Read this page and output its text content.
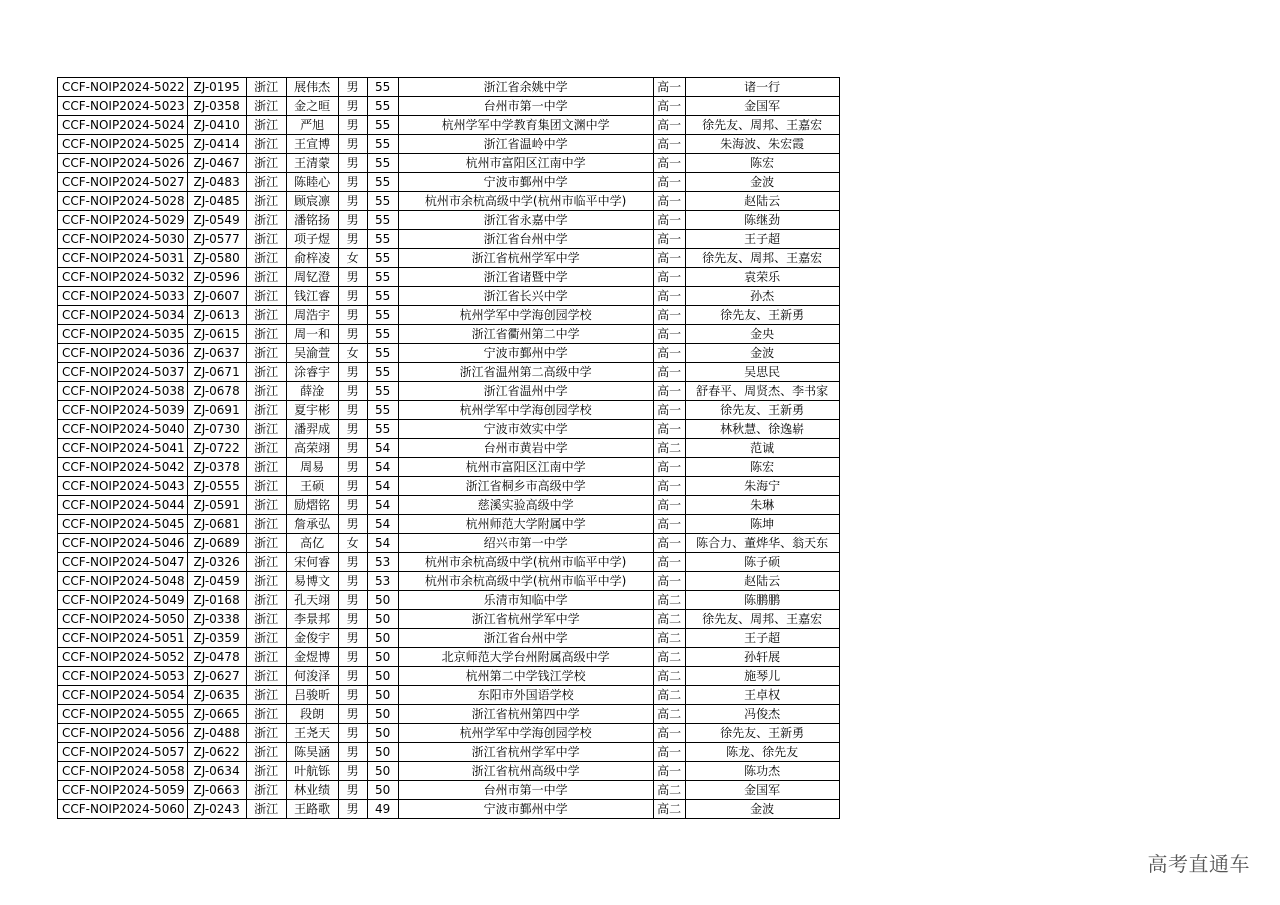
CCF-NOIP2024-5022	ZJ-0195	浙江	展伟杰	男	55	浙江省余姚中学	高一	诸一行
CCF-NOIP2024-5023	ZJ-0358	浙江	金之晅	男	55	台州市第一中学	高一	金国军
CCF-NOIP2024-5024	ZJ-0410	浙江	严旭	男	55	杭州学军中学教育集团文渊中学	高一	徐先友、周邦、王嘉宏
CCF-NOIP2024-5025	ZJ-0414	浙江	王宣博	男	55	浙江省温岭中学	高一	朱海波、朱宏霞
CCF-NOIP2024-5026	ZJ-0467	浙江	王清蒙	男	55	杭州市富阳区江南中学	高一	陈宏
CCF-NOIP2024-5027	ZJ-0483	浙江	陈睦心	男	55	宁波市鄞州中学	高一	金波
CCF-NOIP2024-5028	ZJ-0485	浙江	顾宸凛	男	55	杭州市余杭高级中学(杭州市临平中学)	高一	赵陆云
CCF-NOIP2024-5029	ZJ-0549	浙江	潘铭扬	男	55	浙江省永嘉中学	高一	陈继劲
CCF-NOIP2024-5030	ZJ-0577	浙江	项子煜	男	55	浙江省台州中学	高一	王子超
CCF-NOIP2024-5031	ZJ-0580	浙江	俞梓凌	女	55	浙江省杭州学军中学	高一	徐先友、周邦、王嘉宏
CCF-NOIP2024-5032	ZJ-0596	浙江	周钇澄	男	55	浙江省诸暨中学	高一	袁荣乐
CCF-NOIP2024-5033	ZJ-0607	浙江	钱江睿	男	55	浙江省长兴中学	高一	孙杰
CCF-NOIP2024-5034	ZJ-0613	浙江	周浩宇	男	55	杭州学军中学海创园学校	高一	徐先友、王新勇
CCF-NOIP2024-5035	ZJ-0615	浙江	周一和	男	55	浙江省衢州第二中学	高一	金央
CCF-NOIP2024-5036	ZJ-0637	浙江	吴渝萱	女	55	宁波市鄞州中学	高一	金波
CCF-NOIP2024-5037	ZJ-0671	浙江	涂睿宇	男	55	浙江省温州第二高级中学	高一	吴思民
CCF-NOIP2024-5038	ZJ-0678	浙江	薛淦	男	55	浙江省温州中学	高一	舒春平、周贤杰、李书家
CCF-NOIP2024-5039	ZJ-0691	浙江	夏宇彬	男	55	杭州学军中学海创园学校	高一	徐先友、王新勇
CCF-NOIP2024-5040	ZJ-0730	浙江	潘羿成	男	55	宁波市效实中学	高一	林秋慧、徐逸崭
CCF-NOIP2024-5041	ZJ-0722	浙江	高荣翊	男	54	台州市黄岩中学	高二	范诚
CCF-NOIP2024-5042	ZJ-0378	浙江	周易	男	54	杭州市富阳区江南中学	高一	陈宏
CCF-NOIP2024-5043	ZJ-0555	浙江	王硕	男	54	浙江省桐乡市高级中学	高一	朱海宁
CCF-NOIP2024-5044	ZJ-0591	浙江	励熠铭	男	54	慈溪实验高级中学	高一	朱琳
CCF-NOIP2024-5045	ZJ-0681	浙江	詹承弘	男	54	杭州师范大学附属中学	高一	陈坤
CCF-NOIP2024-5046	ZJ-0689	浙江	高亿	女	54	绍兴市第一中学	高一	陈合力、董烨华、翁天东
CCF-NOIP2024-5047	ZJ-0326	浙江	宋何睿	男	53	杭州市余杭高级中学(杭州市临平中学)	高一	陈子硕
CCF-NOIP2024-5048	ZJ-0459	浙江	易博文	男	53	杭州市余杭高级中学(杭州市临平中学)	高一	赵陆云
CCF-NOIP2024-5049	ZJ-0168	浙江	孔天翊	男	50	乐清市知临中学	高二	陈鹏鹏
CCF-NOIP2024-5050	ZJ-0338	浙江	李景邦	男	50	浙江省杭州学军中学	高二	徐先友、周邦、王嘉宏
CCF-NOIP2024-5051	ZJ-0359	浙江	金俊宇	男	50	浙江省台州中学	高二	王子超
CCF-NOIP2024-5052	ZJ-0478	浙江	金煜博	男	50	北京师范大学台州附属高级中学	高二	孙轩展
CCF-NOIP2024-5053	ZJ-0627	浙江	何浚泽	男	50	杭州第二中学钱江学校	高二	施琴儿
CCF-NOIP2024-5054	ZJ-0635	浙江	吕骏昕	男	50	东阳市外国语学校	高二	王卓权
CCF-NOIP2024-5055	ZJ-0665	浙江	段朗	男	50	浙江省杭州第四中学	高二	冯俊杰
CCF-NOIP2024-5056	ZJ-0488	浙江	王尧天	男	50	杭州学军中学海创园学校	高一	徐先友、王新勇
CCF-NOIP2024-5057	ZJ-0622	浙江	陈昊涵	男	50	浙江省杭州学军中学	高一	陈龙、徐先友
CCF-NOIP2024-5058	ZJ-0634	浙江	叶航铄	男	50	浙江省杭州高级中学	高一	陈功杰
CCF-NOIP2024-5059	ZJ-0663	浙江	林业绩	男	50	台州市第一中学	高二	金国军
CCF-NOIP2024-5060	ZJ-0243	浙江	王路歌	男	49	宁波市鄞州中学	高二	金波
高考直通车
